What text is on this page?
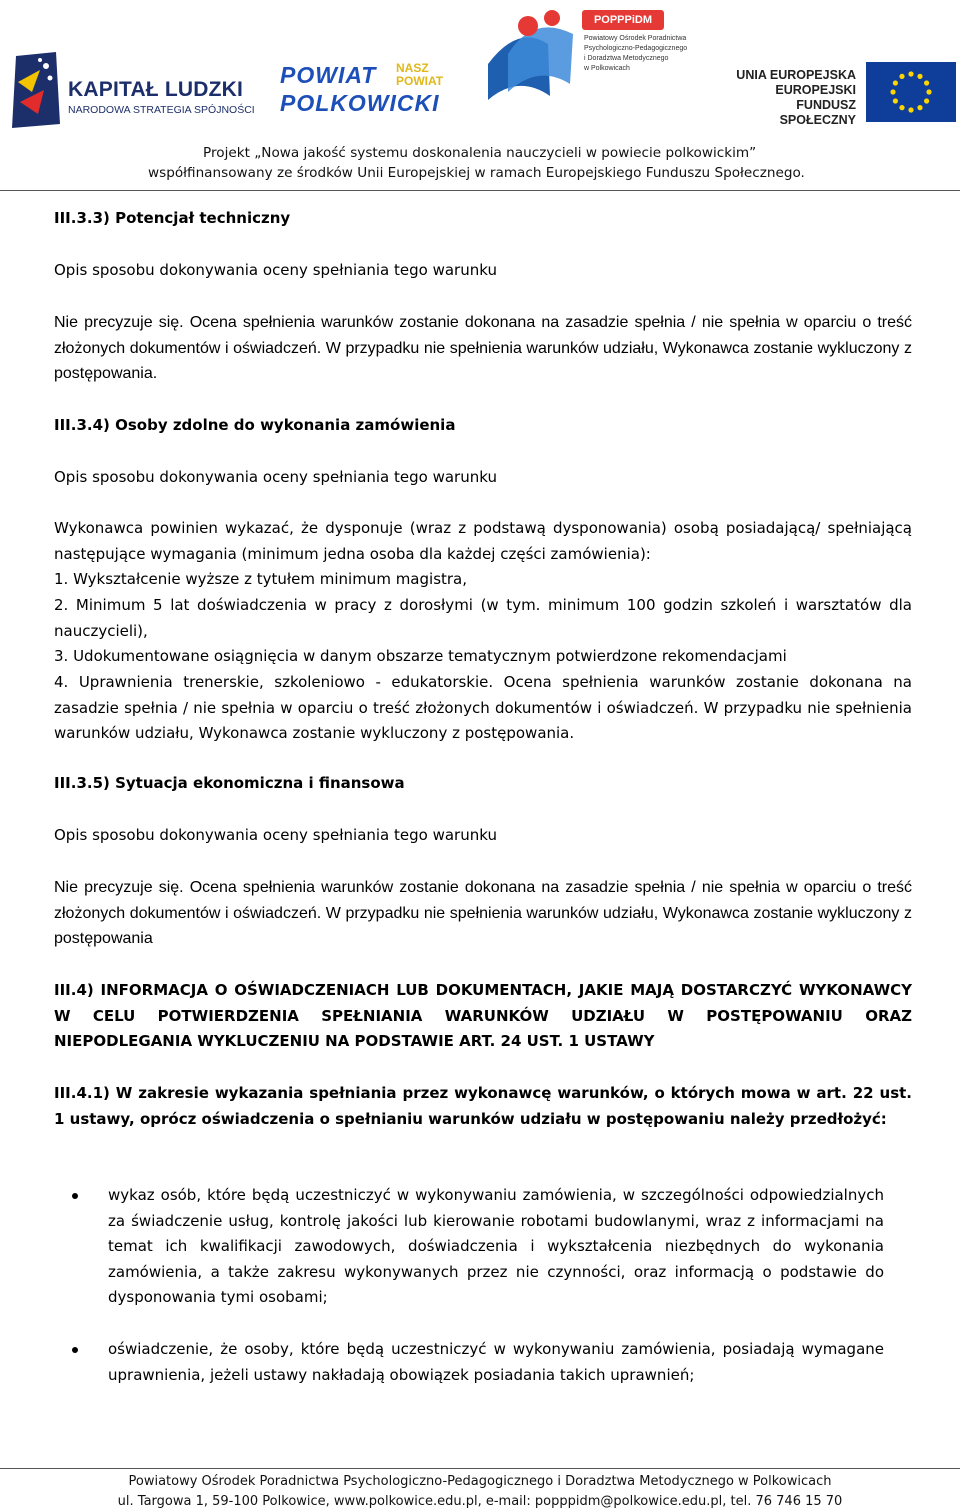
KAPITAŁ LUDZKI
NARODOWA STRATEGIA SPÓJNOŚCI
POWIAT NASZ
POWIAT
POLKOWICKI
POPPPiDM
Powiatowy Ośrodek Poradnictwa
Psychologiczno-Pedagogicznego
i Doradztwa Metodycznego
w Polkowicach	UNIA EUROPEJSKA
EUROPEJSKI
FUNDUSZ SPOŁECZNY
Projekt „Nowa jakość systemu doskonalenia nauczycieli w powiecie polkowickim”
współfinansowany ze środków Unii Europejskiej w ramach Europejskiego Funduszu Społecznego.

III.3.3) Potencjał techniczny

Opis sposobu dokonywania oceny spełniania tego warunku

Nie precyzuje się. Ocena spełnienia warunków zostanie dokonana na zasadzie spełnia / nie spełnia w oparciu o treść złożonych dokumentów i oświadczeń. W przypadku nie spełnienia warunków udziału, Wykonawca zostanie wykluczony z postępowania.

III.3.4) Osoby zdolne do wykonania zamówienia

Opis sposobu dokonywania oceny spełniania tego warunku

Wykonawca powinien wykazać, że dysponuje (wraz z podstawą dysponowania) osobą posiadającą/ spełniającą następujące wymagania (minimum jedna osoba dla każdej części zamówienia):

1. Wykształcenie wyższe z tytułem minimum magistra,

2. Minimum 5 lat doświadczenia w pracy z dorosłymi (w tym. minimum 100 godzin szkoleń i warsztatów dla nauczycieli),

3. Udokumentowane osiągnięcia w danym obszarze tematycznym potwierdzone rekomendacjami

4. Uprawnienia trenerskie, szkoleniowo - edukatorskie. Ocena spełnienia warunków zostanie dokonana na zasadzie spełnia / nie spełnia w oparciu o treść złożonych dokumentów i oświadczeń. W przypadku nie spełnienia warunków udziału, Wykonawca zostanie wykluczony z postępowania.

III.3.5) Sytuacja ekonomiczna i finansowa

Opis sposobu dokonywania oceny spełniania tego warunku

Nie precyzuje się. Ocena spełnienia warunków zostanie dokonana na zasadzie spełnia / nie spełnia w oparciu o treść złożonych dokumentów i oświadczeń. W przypadku nie spełnienia warunków udziału, Wykonawca zostanie wykluczony z postępowania

III.4) INFORMACJA O OŚWIADCZENIACH LUB DOKUMENTACH, JAKIE MAJĄ DOSTARCZYĆ WYKONAWCY W CELU POTWIERDZENIA SPEŁNIANIA WARUNKÓW UDZIAŁU W POSTĘPOWANIU ORAZ NIEPODLEGANIA WYKLUCZENIU NA PODSTAWIE ART. 24 UST. 1 USTAWY

III.4.1) W zakresie wykazania spełniania przez wykonawcę warunków, o których mowa w art. 22 ust. 1 ustawy, oprócz oświadczenia o spełnianiu warunków udziału w postępowaniu należy przedłożyć:

wykaz osób, które będą uczestniczyć w wykonywaniu zamówienia, w szczególności odpowiedzialnych za świadczenie usług, kontrolę jakości lub kierowanie robotami budowlanymi, wraz z informacjami na temat ich kwalifikacji zawodowych, doświadczenia i wykształcenia niezbędnych do wykonania zamówienia, a także zakresu wykonywanych przez nie czynności, oraz informacją o podstawie do dysponowania tymi osobami;
oświadczenie, że osoby, które będą uczestniczyć w wykonywaniu zamówienia, posiadają wymagane uprawnienia, jeżeli ustawy nakładają obowiązek posiadania takich uprawnień;
Powiatowy Ośrodek Poradnictwa Psychologiczno-Pedagogicznego i Doradztwa Metodycznego w Polkowicach
ul. Targowa 1, 59-100 Polkowice, www.polkowice.edu.pl, e-mail: popppidm@polkowice.edu.pl, tel. 76 746 15 70
